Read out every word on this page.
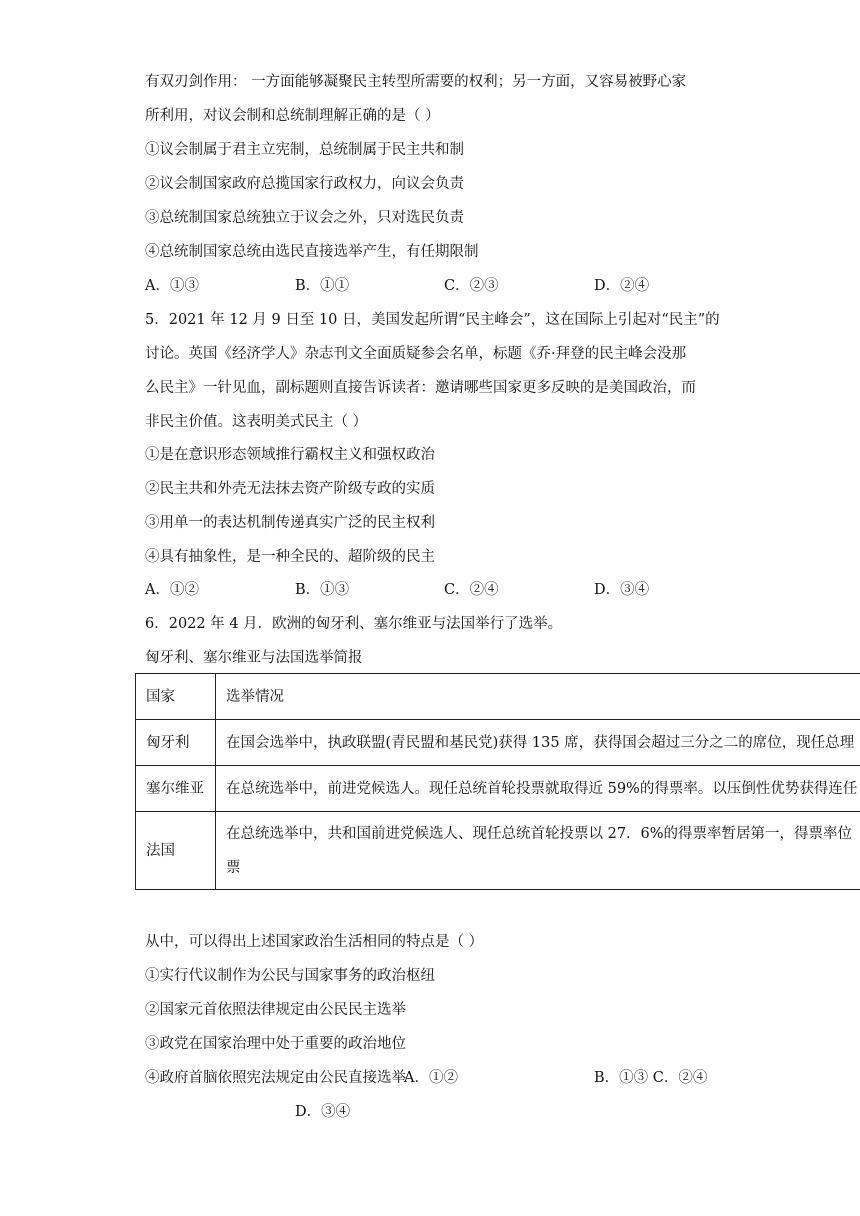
有双刃剑作用： 一方面能够凝聚民主转型所需要的权利；另一方面，又容易被野心家
所利用，对议会制和总统制理解正确的是（ ）
①议会制属于君主立宪制，总统制属于民主共和制
②议会制国家政府总揽国家行政权力，向议会负责
③总统制国家总统独立于议会之外，只对选民负责
④总统制国家总统由选民直接选举产生，有任期限制
A．①③	B．①①	C．②③	D．②④
5．2021 年 12 月 9 日至 10 日，美国发起所谓“民主峰会”，这在国际上引起对“民主”的
讨论。英国《经济学人》杂志刊文全面质疑参会名单，标题《乔·拜登的民主峰会没那
么民主》一针见血，副标题则直接告诉读者：邀请哪些国家更多反映的是美国政治，而
非民主价值。这表明美式民主（ ）
①是在意识形态领域推行霸权主义和强权政治
②民主共和外壳无法抹去资产阶级专政的实质
③用单一的表达机制传递真实广泛的民主权利
④具有抽象性，是一种全民的、超阶级的民主
A．①②	B．①③	C．②④	D．③④
6．2022 年 4 月．欧洲的匈牙利、塞尔维亚与法国举行了选举。
匈牙利、塞尔维亚与法国选举简报
国家	选举情况
匈牙利	在国会选举中，执政联盟(青民盟和基民党)获得 135 席，获得国会超过三分之二的席位，现任总理
塞尔维亚	在总统选举中，前进党候选人。现任总统首轮投票就取得近 59%的得票率。以压倒性优势获得连任
法国	在总统选举中，共和国前进党候选人、现任总统首轮投票以 27．6%的得票率暂居第一，得票率位
票
从中，可以得出上述国家政治生活相同的特点是（ ）
①实行代议制作为公民与国家事务的政治枢纽
②国家元首依照法律规定由公民民主选举
③政党在国家治理中处于重要的政治地位
④政府首脑依照宪法规定由公民直接选举
A．①②	B．①③ C．②④
D．③④
